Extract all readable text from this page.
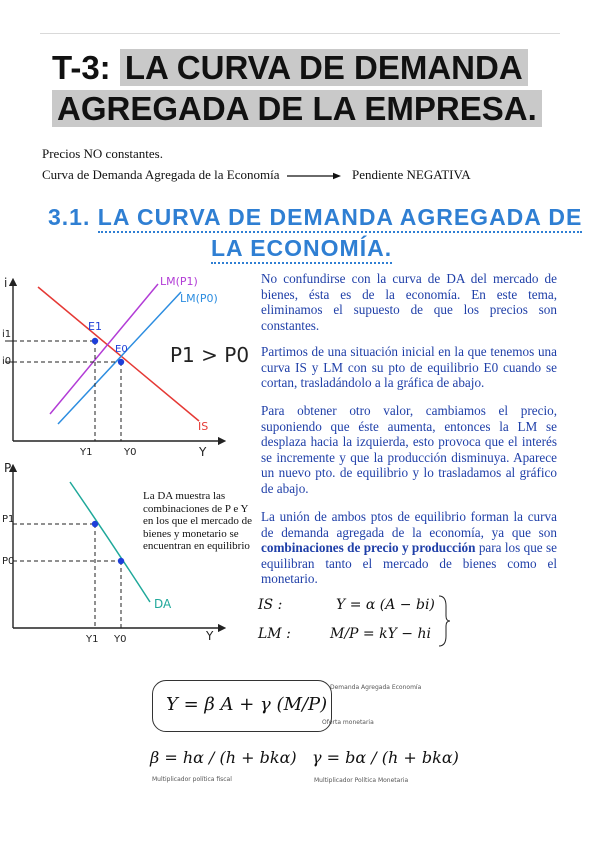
T-3: LA CURVA DE DEMANDA
AGREGADA DE LA EMPRESA.
Precios NO constantes.
Curva de Demanda Agregada de la Economía	Pendiente NEGATIVA
3.1. LA CURVA DE DEMANDA AGREGADA DE
LA ECONOMÍA.
i
Y
i1
i0
Y1	Y0
LM(P1)
LM(P0)
IS
E1
E0 P1 > P0
P
Y
P1
P0
Y1 Y0
DA
La DA muestra las combinaciones de P e Y en los que el mercado de bienes y monetario se encuentran en equilibrio
No confundirse con la curva de DA del mercado de bienes, ésta es de la economía. En este tema, eliminamos el supuesto de que los precios son constantes.
Partimos de una situación inicial en la que tenemos una curva IS y LM con su pto de equilibrio E0 cuando se cortan, trasladándolo a la gráfica de abajo.
Para obtener otro valor, cambiamos el precio, suponiendo que éste aumenta, entonces la LM se desplaza hacia la izquierda, esto provoca que el interés se incremente y que la producción disminuya. Aparece un nuevo pto. de equilibrio y lo trasladamos al gráfico de abajo.
La unión de ambos ptos de equilibrio forman la curva de demanda agregada de la economía, ya que son combinaciones de precio y producción para los que se equilibran tanto el mercado de bienes como el monetario.
IS :	Y = α (A − bi)
LM :	M/P = kY − hi
Y = β A + γ (M/P)
Demanda Agregada Economía
Oferta monetaria
β = hα / (h + bkα) γ = bα / (h + bkα)
Multiplicador política fiscal	Multiplicador Política Monetaria
